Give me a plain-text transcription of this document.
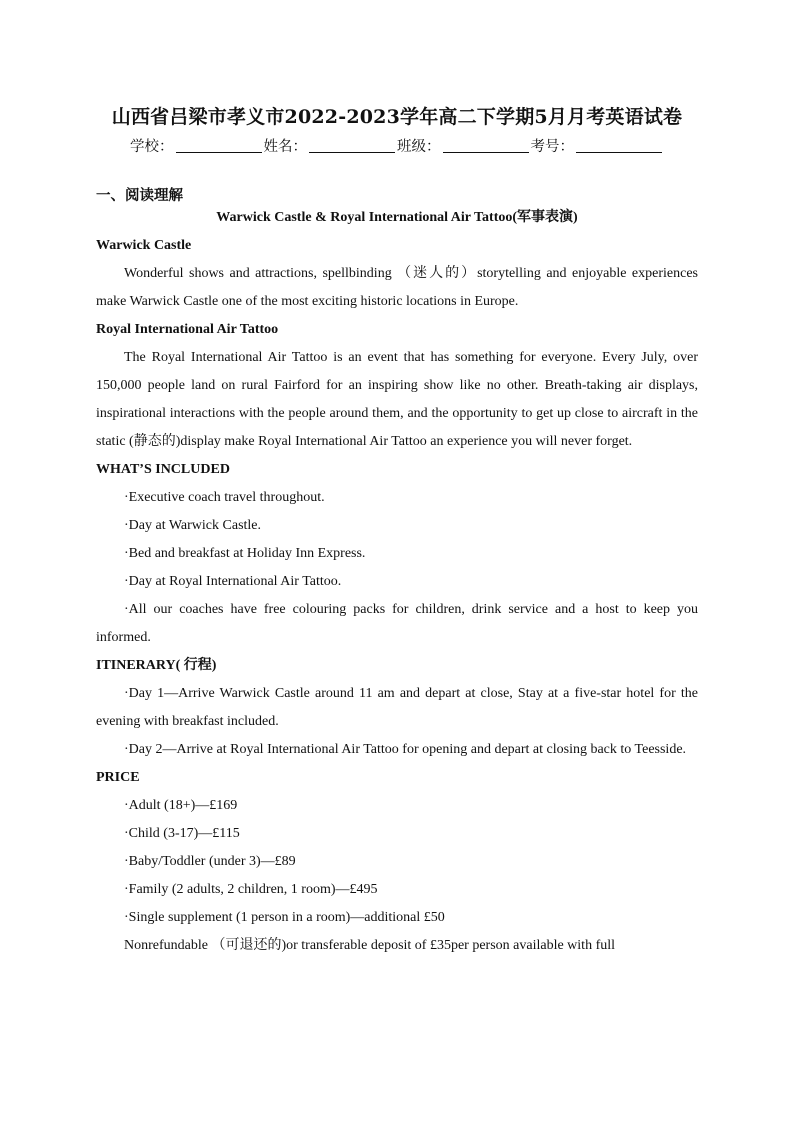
山西省吕梁市孝义市2022-2023学年高二下学期5月月考英语试卷
学校：	姓名：	班级：	考号：
一、阅读理解
Warwick Castle & Royal International Air Tattoo(军事表演)
Warwick Castle
Wonderful shows and attractions, spellbinding （迷人的）storytelling and enjoyable experiences make Warwick Castle one of the most exciting historic locations in Europe.
Royal International Air Tattoo
The Royal International Air Tattoo is an event that has something for everyone. Every July, over 150,000 people land on rural Fairford for an inspiring show like no other. Breath-taking air displays, inspirational interactions with the people around them, and the opportunity to get up close to aircraft in the static (静态的)display make Royal International Air Tattoo an experience you will never forget.
WHAT’S INCLUDED
·Executive coach travel throughout.
·Day at Warwick Castle.
·Bed and breakfast at Holiday Inn Express.
·Day at Royal International Air Tattoo.
·All our coaches have free colouring packs for children, drink service and a host to keep you informed.
ITINERARY( 行程)
·Day 1—Arrive Warwick Castle around 11 am and depart at close, Stay at a five-star hotel for the evening with breakfast included.
·Day 2—Arrive at Royal International Air Tattoo for opening and depart at closing back to Teesside.
PRICE
·Adult (18+)—£169
·Child (3-17)—£115
·Baby/Toddler (under 3)—£89
·Family (2 adults, 2 children, 1 room)—£495
·Single supplement (1 person in a room)—additional £50
Nonrefundable （可退还的)or transferable deposit of £35per person available with full
